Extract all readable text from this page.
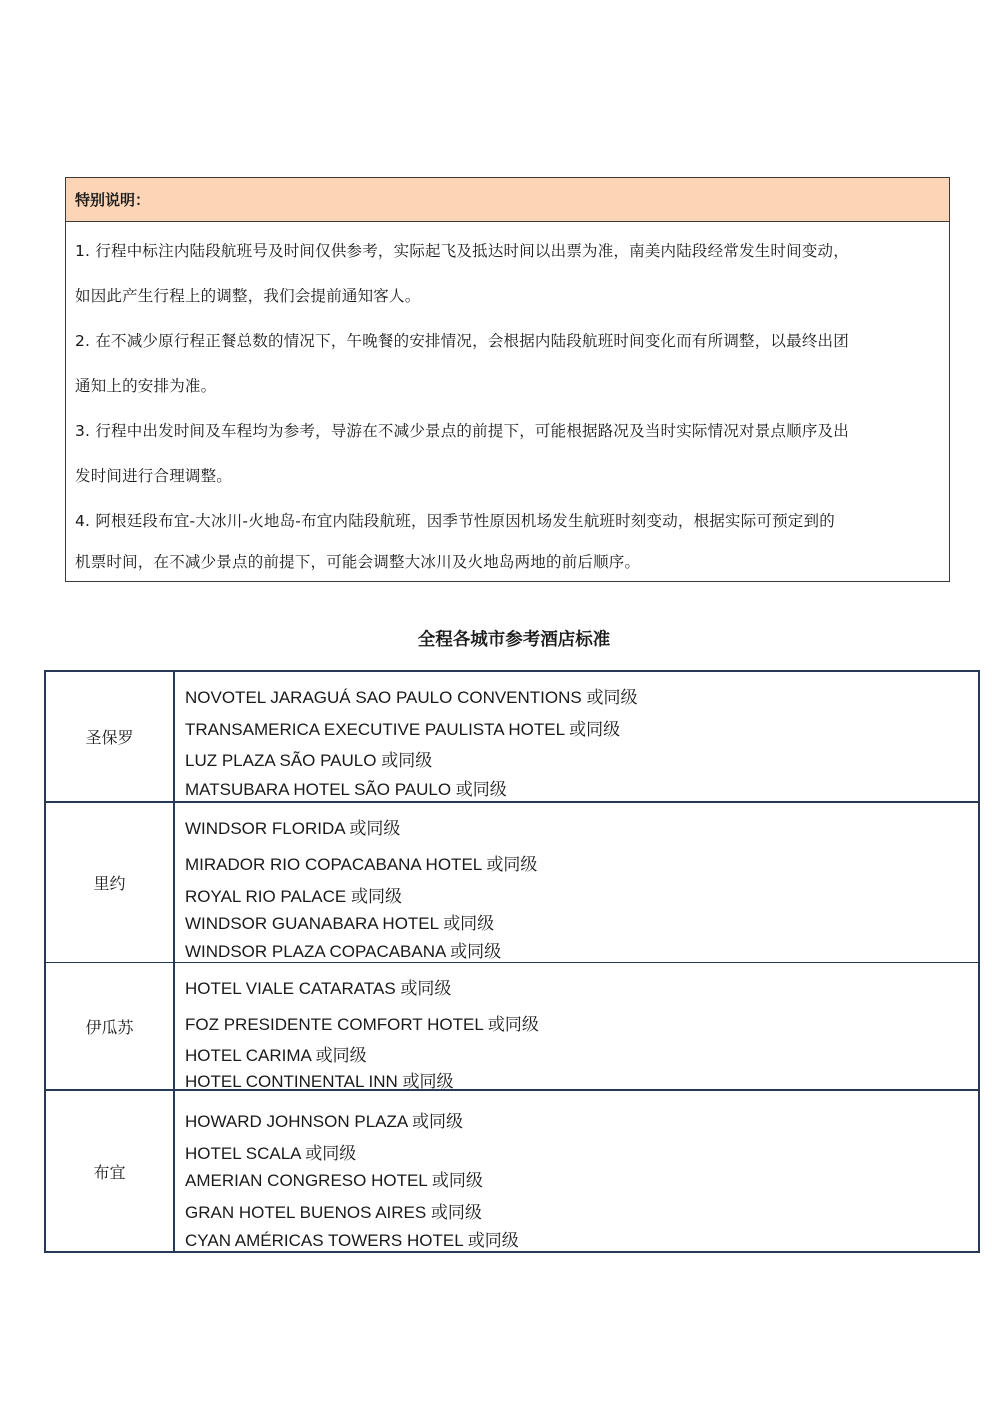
特别说明：

1. 行程中标注内陆段航班号及时间仅供参考，实际起飞及抵达时间以出票为准，南美内陆段经常发生时间变动，

如因此产生行程上的调整，我们会提前通知客人。

2. 在不减少原行程正餐总数的情况下，午晚餐的安排情况，会根据内陆段航班时间变化而有所调整，以最终出团

通知上的安排为准。

3. 行程中出发时间及车程均为参考，导游在不减少景点的前提下，可能根据路况及当时实际情况对景点顺序及出

发时间进行合理调整。

4. 阿根廷段布宜-大冰川-火地岛-布宜内陆段航班，因季节性原因机场发生航班时刻变动，根据实际可预定到的

机票时间，在不减少景点的前提下，可能会调整大冰川及火地岛两地的前后顺序。

全程各城市参考酒店标准
圣保罗
NOVOTEL JARAGUÁ SAO PAULO CONVENTIONS 或同级
TRANSAMERICA EXECUTIVE PAULISTA HOTEL 或同级
LUZ PLAZA SÃO PAULO 或同级
MATSUBARA HOTEL SÃO PAULO 或同级
里约
WINDSOR FLORIDA 或同级
MIRADOR RIO COPACABANA HOTEL 或同级
ROYAL RIO PALACE 或同级
WINDSOR GUANABARA HOTEL 或同级
WINDSOR PLAZA COPACABANA 或同级
伊瓜苏
HOTEL VIALE CATARATAS 或同级
FOZ PRESIDENTE COMFORT HOTEL 或同级
HOTEL CARIMA 或同级
HOTEL CONTINENTAL INN 或同级
布宜
HOWARD JOHNSON PLAZA 或同级
HOTEL SCALA 或同级
AMERIAN CONGRESO HOTEL 或同级
GRAN HOTEL BUENOS AIRES 或同级
CYAN AMÉRICAS TOWERS HOTEL 或同级
